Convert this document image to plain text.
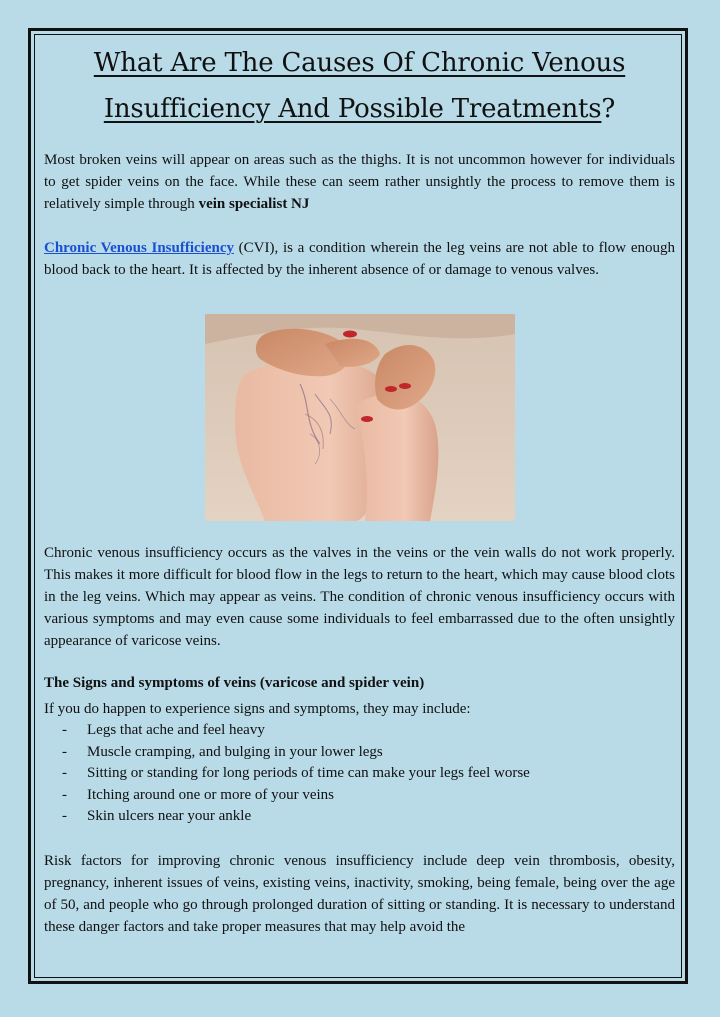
What Are The Causes Of Chronic Venous
Insufficiency And Possible Treatments?

Most broken veins will appear on areas such as the thighs. It is not uncommon however for individuals to get spider veins on the face. While these can seem rather unsightly the process to remove them is relatively simple through vein specialist NJ

Chronic Venous Insufficiency (CVI), is a condition wherein the leg veins are not able to flow enough blood back to the heart. It is affected by the inherent absence of or damage to venous valves.

Chronic venous insufficiency occurs as the valves in the veins or the vein walls do not work properly. This makes it more difficult for blood flow in the legs to return to the heart, which may cause blood clots in the leg veins. Which may appear as veins. The condition of chronic venous insufficiency occurs with various symptoms and may even cause some individuals to feel embarrassed due to the often unsightly appearance of varicose veins.

The Signs and symptoms of veins (varicose and spider vein)

If you do happen to experience signs and symptoms, they may include:

-	Legs that ache and feel heavy
-	Muscle cramping, and bulging in your lower legs
-	Sitting or standing for long periods of time can make your legs feel worse
-	Itching around one or more of your veins
-	Skin ulcers near your ankle

Risk factors for improving chronic venous insufficiency include deep vein thrombosis, obesity, pregnancy, inherent issues of veins, existing veins, inactivity, smoking, being female, being over the age of 50, and people who go through prolonged duration of sitting or standing. It is necessary to understand these danger factors and take proper measures that may help avoid the
